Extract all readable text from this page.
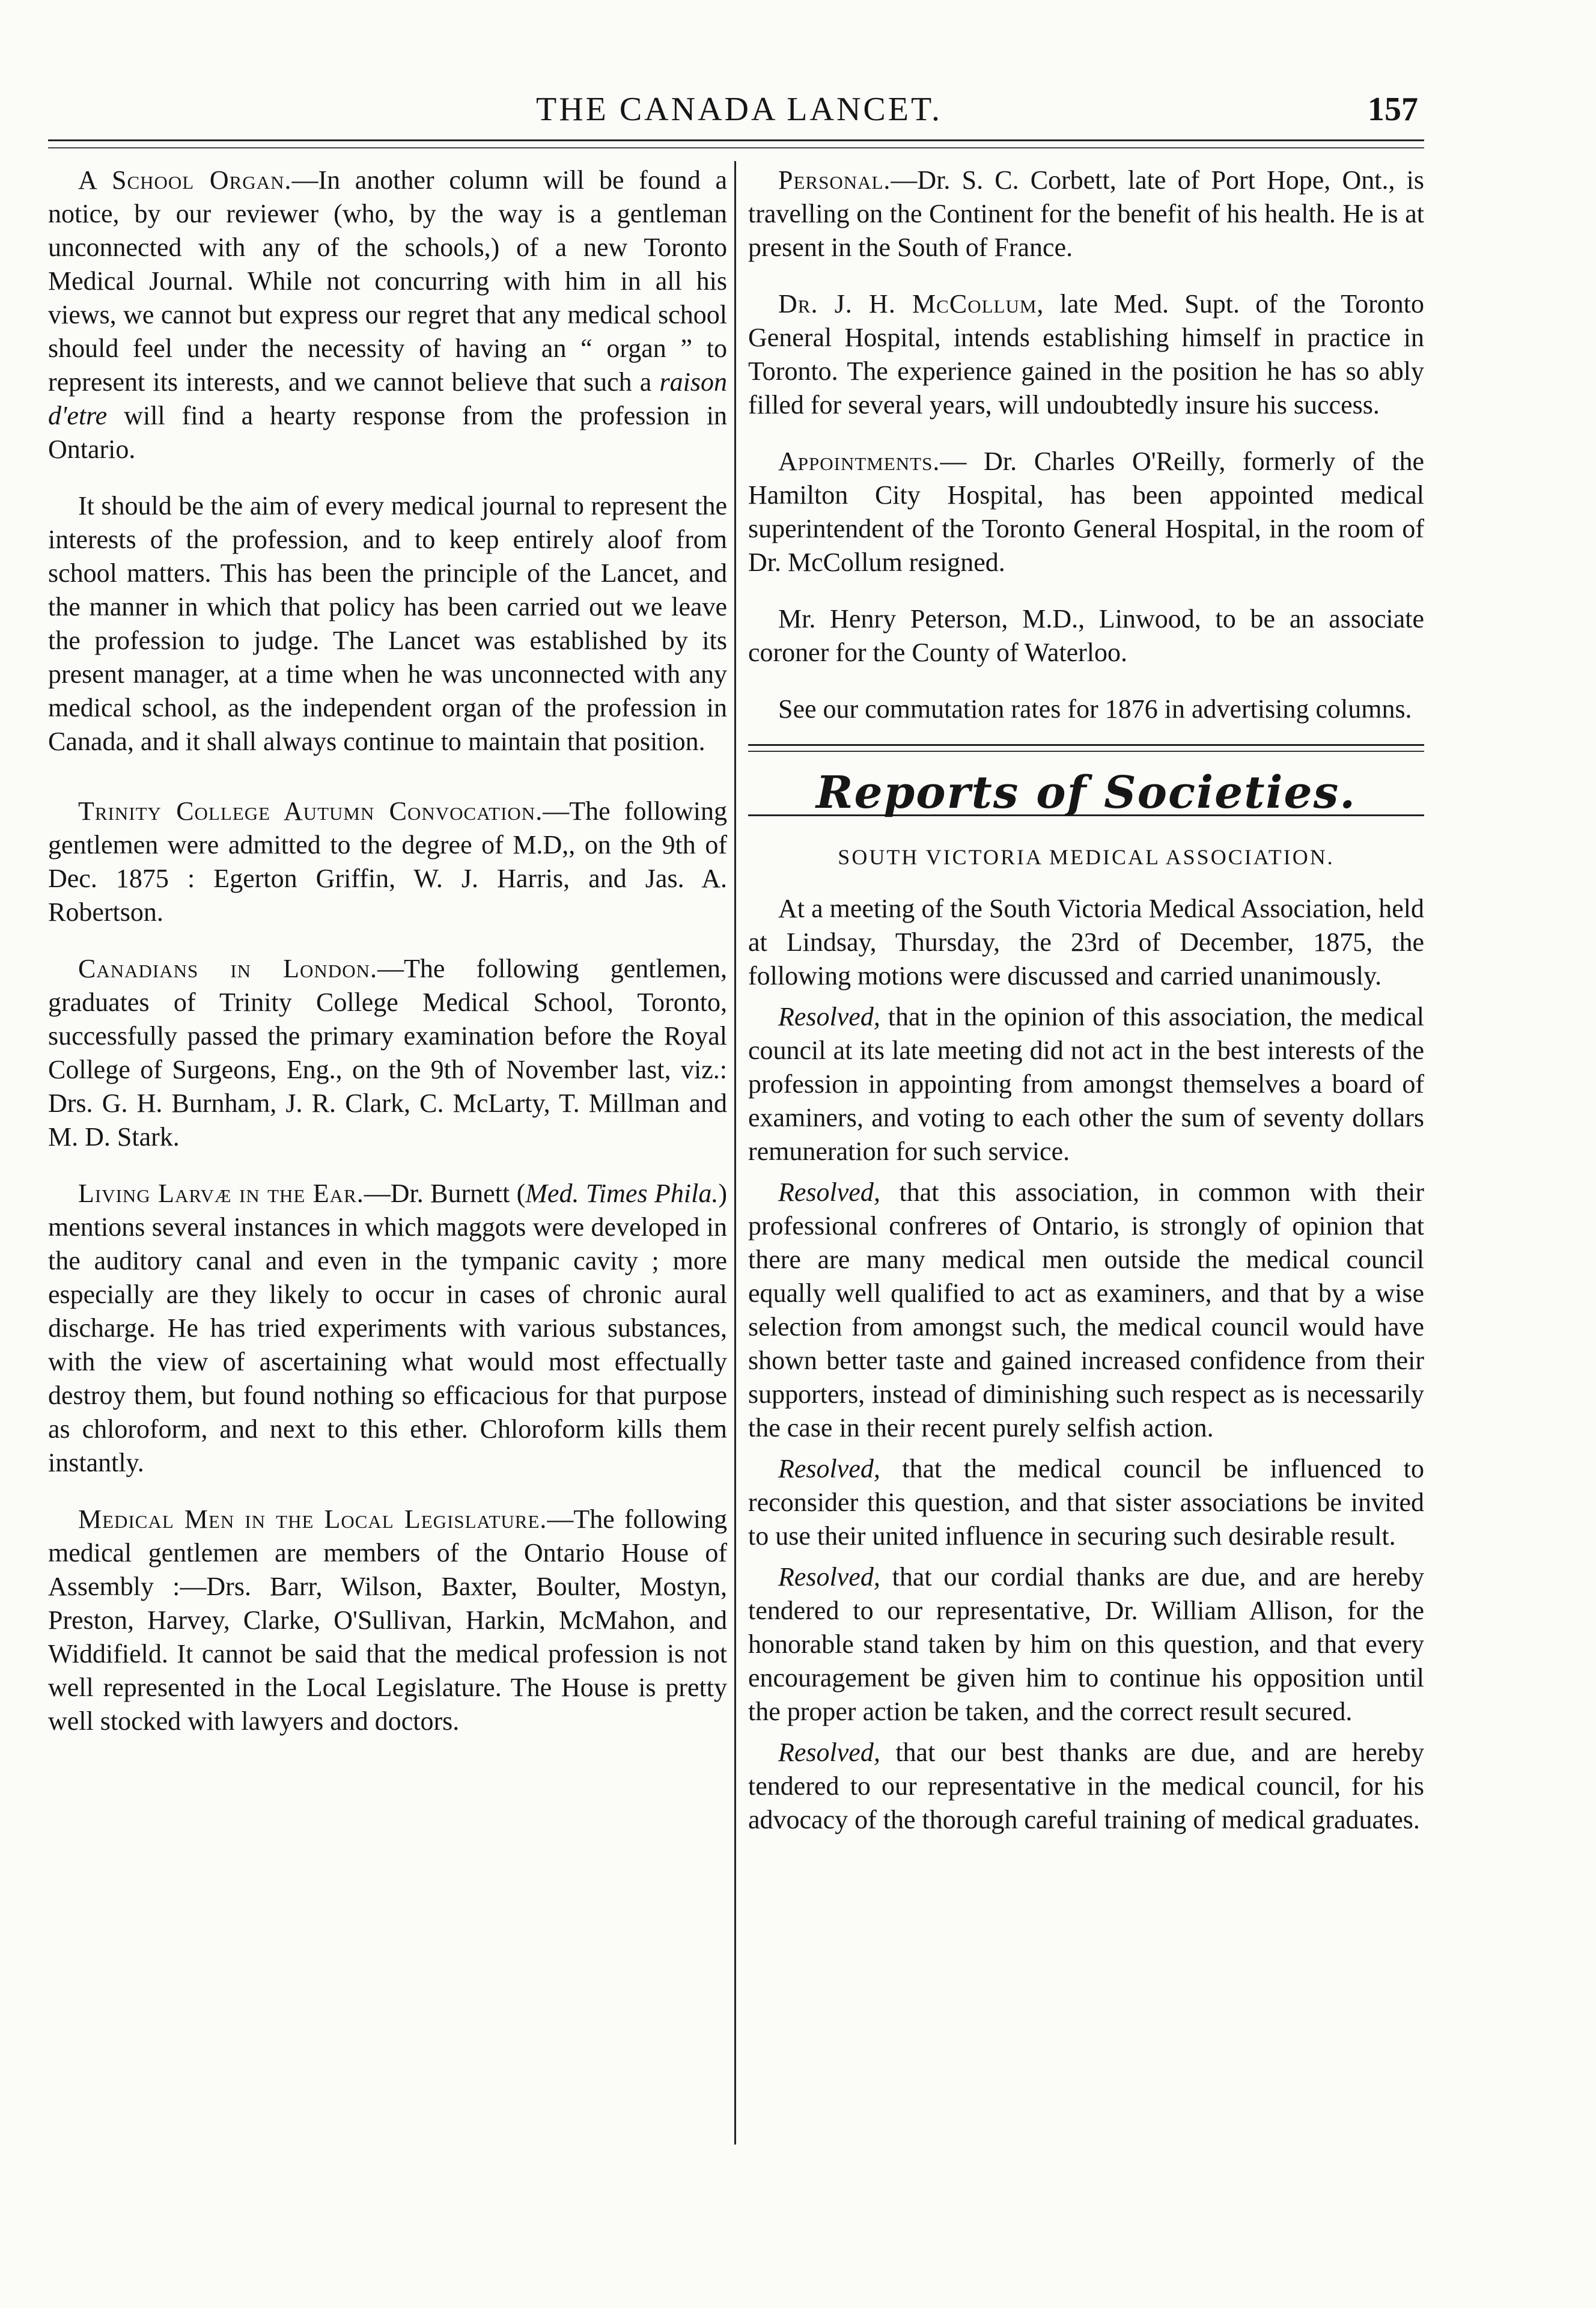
THE CANADA LANCET.	157

A School Organ.—In another column will be found a notice, by our reviewer (who, by the way is a gentleman unconnected with any of the schools,) of a new Toronto Medical Journal. While not concurring with him in all his views, we cannot but express our regret that any medical school should feel under the necessity of having an “ organ ” to represent its interests, and we cannot believe that such a raison d'etre will find a hearty response from the profession in Ontario.

It should be the aim of every medical journal to represent the interests of the profession, and to keep entirely aloof from school matters. This has been the principle of the Lancet, and the manner in which that policy has been carried out we leave the profession to judge. The Lancet was established by its present manager, at a time when he was unconnected with any medical school, as the independent organ of the profession in Canada, and it shall always continue to maintain that position.

Trinity College Autumn Convocation.—The following gentlemen were admitted to the degree of M.D,, on the 9th of Dec. 1875 : Egerton Griffin, W. J. Harris, and Jas. A. Robertson.

Canadians in London.—The following gentlemen, graduates of Trinity College Medical School, Toronto, successfully passed the primary examination before the Royal College of Surgeons, Eng., on the 9th of November last, viz.: Drs. G. H. Burnham, J. R. Clark, C. McLarty, T. Millman and M. D. Stark.

Living Larvæ in the Ear.—Dr. Burnett (Med. Times Phila.) mentions several instances in which maggots were developed in the auditory canal and even in the tympanic cavity ; more especially are they likely to occur in cases of chronic aural discharge. He has tried experiments with various substances, with the view of ascertaining what would most effectually destroy them, but found nothing so efficacious for that purpose as chloroform, and next to this ether. Chloroform kills them instantly.

Medical Men in the Local Legislature.—The following medical gentlemen are members of the Ontario House of Assembly :—Drs. Barr, Wilson, Baxter, Boulter, Mostyn, Preston, Harvey, Clarke, O'Sullivan, Harkin, McMahon, and Widdifield. It cannot be said that the medical profession is not well represented in the Local Legislature. The House is pretty well stocked with lawyers and doctors.

Personal.—Dr. S. C. Corbett, late of Port Hope, Ont., is travelling on the Continent for the benefit of his health. He is at present in the South of France.

Dr. J. H. McCollum, late Med. Supt. of the Toronto General Hospital, intends establishing himself in practice in Toronto. The experience gained in the position he has so ably filled for several years, will undoubtedly insure his success.

Appointments.— Dr. Charles O'Reilly, formerly of the Hamilton City Hospital, has been appointed medical superintendent of the Toronto General Hospital, in the room of Dr. McCollum resigned.

Mr. Henry Peterson, M.D., Linwood, to be an associate coroner for the County of Waterloo.

See our commutation rates for 1876 in advertising columns.

Reports of Societies.
SOUTH VICTORIA MEDICAL ASSOCIATION.

At a meeting of the South Victoria Medical Association, held at Lindsay, Thursday, the 23rd of December, 1875, the following motions were discussed and carried unanimously.

Resolved, that in the opinion of this association, the medical council at its late meeting did not act in the best interests of the profession in appointing from amongst themselves a board of examiners, and voting to each other the sum of seventy dollars remuneration for such service.

Resolved, that this association, in common with their professional confreres of Ontario, is strongly of opinion that there are many medical men outside the medical council equally well qualified to act as examiners, and that by a wise selection from amongst such, the medical council would have shown better taste and gained increased confidence from their supporters, instead of diminishing such respect as is necessarily the case in their recent purely selfish action.

Resolved, that the medical council be influenced to reconsider this question, and that sister associations be invited to use their united influence in securing such desirable result.

Resolved, that our cordial thanks are due, and are hereby tendered to our representative, Dr. William Allison, for the honorable stand taken by him on this question, and that every encouragement be given him to continue his opposition until the proper action be taken, and the correct result secured.

Resolved, that our best thanks are due, and are hereby tendered to our representative in the medical council, for his advocacy of the thorough careful training of medical graduates.
